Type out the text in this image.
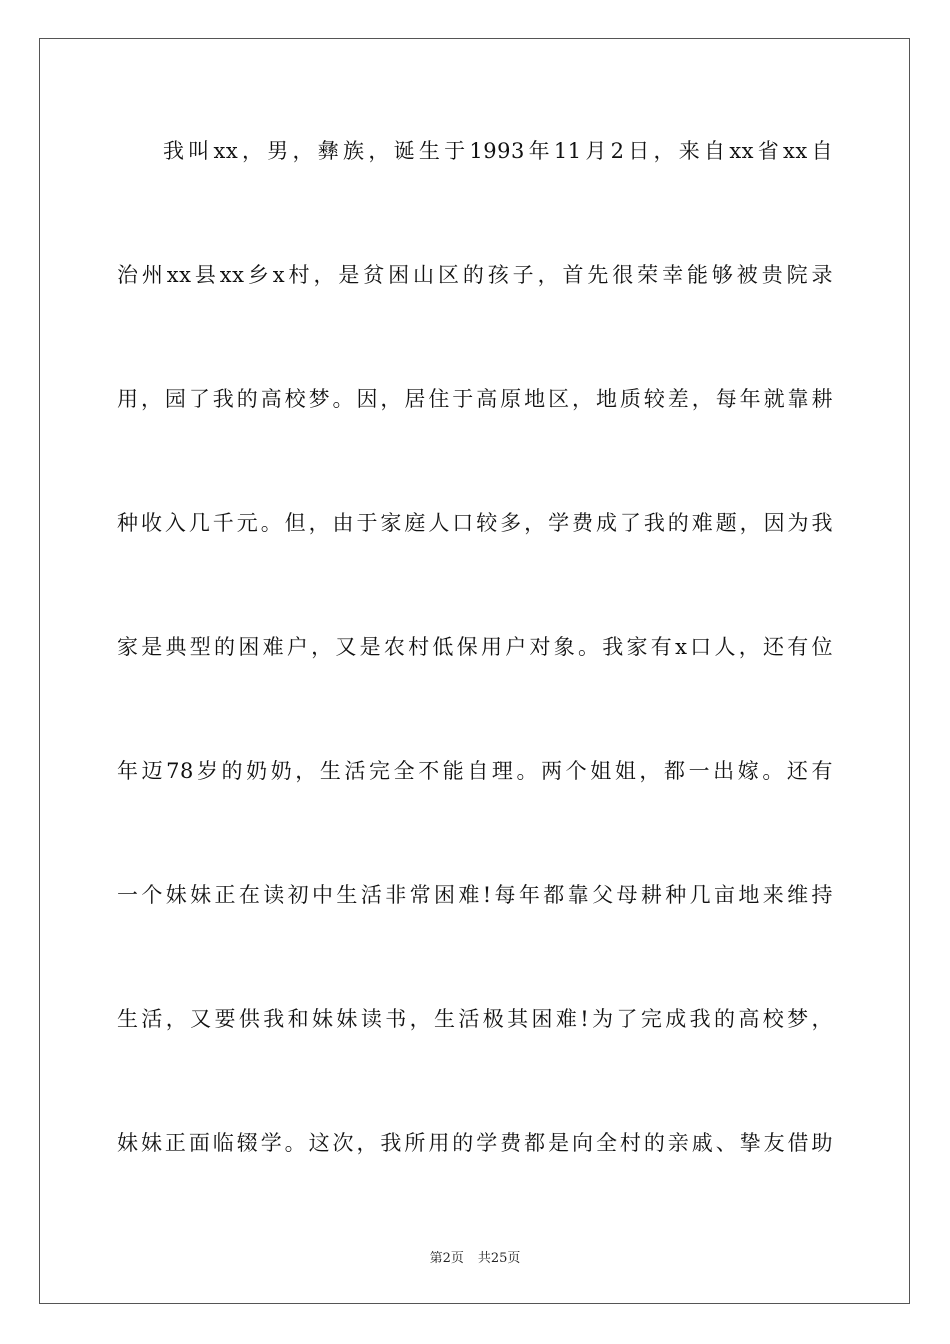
我叫xx，男，彝族，诞生于1993年11月2日，来自xx省xx自
治州xx县xx乡x村，是贫困山区的孩子，首先很荣幸能够被贵院录
用，园了我的高校梦。因，居住于高原地区，地质较差，每年就靠耕
种收入几千元。但，由于家庭人口较多，学费成了我的难题，因为我
家是典型的困难户，又是农村低保用户对象。我家有x口人，还有位
年迈78岁的奶奶，生活完全不能自理。两个姐姐，都一出嫁。还有
一个妹妹正在读初中生活非常困难!每年都靠父母耕种几亩地来维持
生活，又要供我和妹妹读书，生活极其困难!为了完成我的高校梦，
妹妹正面临辍学。这次，我所用的学费都是向全村的亲戚、挚友借助
第2页 共25页
